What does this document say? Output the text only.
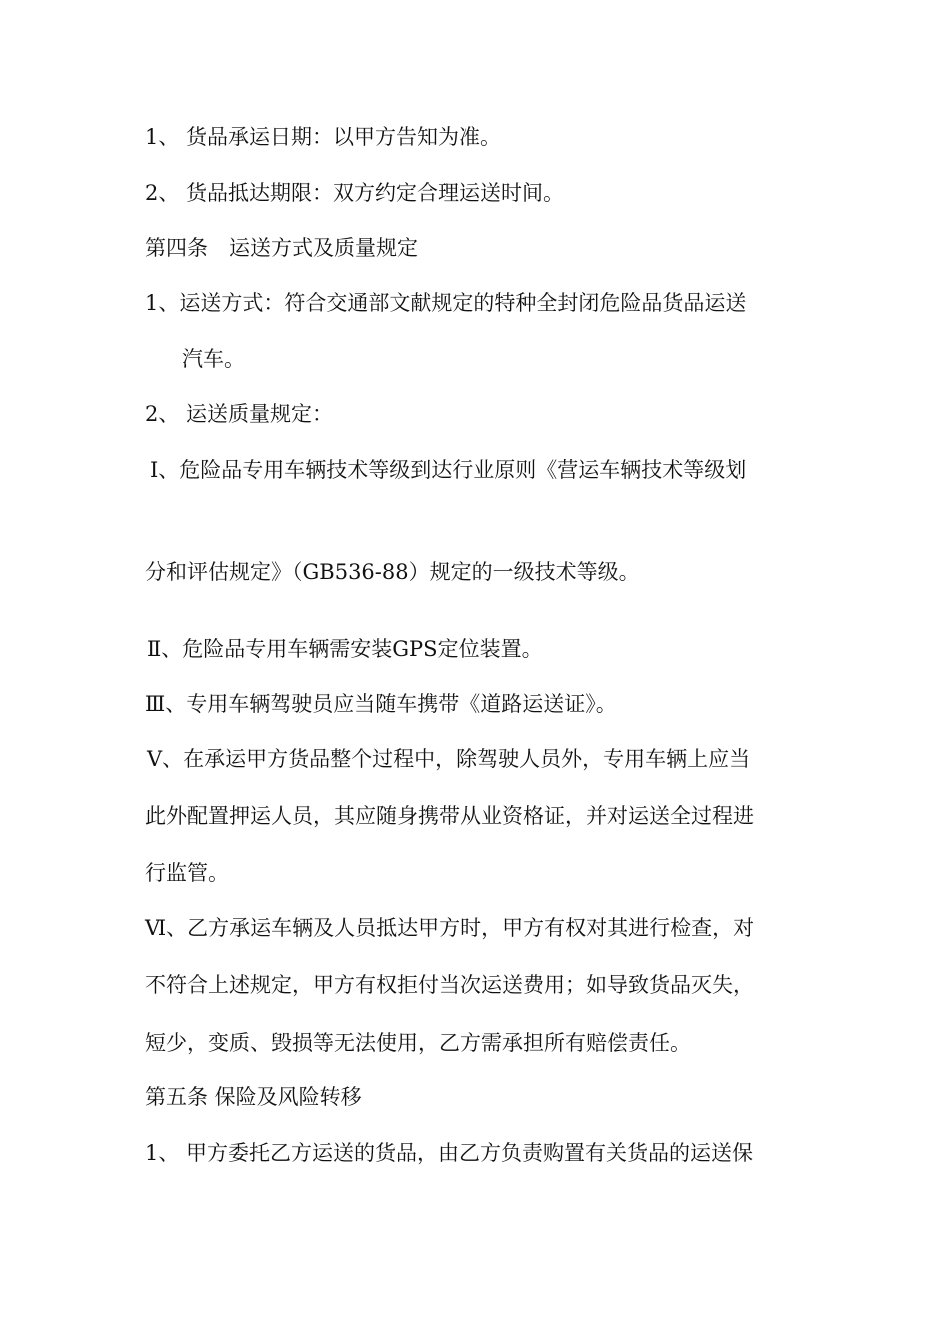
1、 货品承运日期：以甲方告知为准。
2、 货品抵达期限：双方约定合理运送时间。
第四条　运送方式及质量规定
1、运送方式：符合交通部文献规定的特种全封闭危险品货品运送
汽车。
2、 运送质量规定：
Ⅰ、危险品专用车辆技术等级到达行业原则《营运车辆技术等级划
分和评估规定》（GB536-88）规定的一级技术等级。
Ⅱ、危险品专用车辆需安装GPS定位装置。
Ⅲ、专用车辆驾驶员应当随车携带《道路运送证》。
Ⅴ、在承运甲方货品整个过程中，除驾驶人员外，专用车辆上应当
此外配置押运人员，其应随身携带从业资格证，并对运送全过程进
行监管。
Ⅵ、乙方承运车辆及人员抵达甲方时，甲方有权对其进行检查，对
不符合上述规定，甲方有权拒付当次运送费用；如导致货品灭失，
短少，变质、毁损等无法使用，乙方需承担所有赔偿责任。
第五条 保险及风险转移
1、 甲方委托乙方运送的货品，由乙方负责购置有关货品的运送保
